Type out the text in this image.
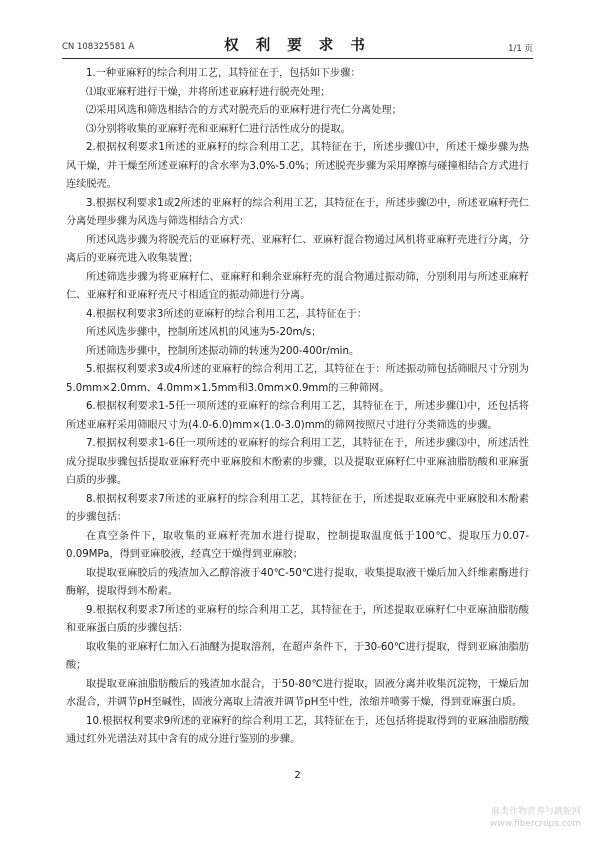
CN 108325581 A	权 利 要 求 书	1/1 页

1.一种亚麻籽的综合利用工艺，其特征在于，包括如下步骤：

⑴取亚麻籽进行干燥，并将所述亚麻籽进行脱壳处理；

⑵采用风选和筛选相结合的方式对脱壳后的亚麻籽进行壳仁分离处理；

⑶分别将收集的亚麻籽壳和亚麻籽仁进行活性成分的提取。

2.根据权利要求1所述的亚麻籽的综合利用工艺，其特征在于，所述步骤⑴中，所述干燥步骤为热风干燥，并干燥至所述亚麻籽的含水率为3.0%-5.0%；所述脱壳步骤为采用摩擦与碰撞相结合方式进行连续脱壳。

3.根据权利要求1或2所述的亚麻籽的综合利用工艺，其特征在于，所述步骤⑵中，所述亚麻籽壳仁分离处理步骤为风选与筛选相结合方式：

所述风选步骤为将脱壳后的亚麻籽壳、亚麻籽仁、亚麻籽混合物通过风机将亚麻籽壳进行分离，分离后的亚麻壳进入收集装置；

所述筛选步骤为将亚麻籽仁、亚麻籽和剩余亚麻籽壳的混合物通过振动筛，分别利用与所述亚麻籽仁、亚麻籽和亚麻籽壳尺寸相适宜的振动筛进行分离。

4.根据权利要求3所述的亚麻籽的综合利用工艺，其特征在于：

所述风选步骤中，控制所述风机的风速为5-20m/s；

所述筛选步骤中，控制所述振动筛的转速为200-400r/min。

5.根据权利要求3或4所述的亚麻籽的综合利用工艺，其特征在于：所述振动筛包括筛眼尺寸分别为5.0mm×2.0mm、4.0mm×1.5mm和3.0mm×0.9mm的三种筛网。

6.根据权利要求1-5任一项所述的亚麻籽的综合利用工艺，其特征在于，所述步骤⑴中，还包括将所述亚麻籽采用筛眼尺寸为(4.0-6.0)mm×(1.0-3.0)mm的筛网按照尺寸进行分类筛选的步骤。

7.根据权利要求1-6任一项所述的亚麻籽的综合利用工艺，其特征在于，所述步骤⑶中，所述活性成分提取步骤包括提取亚麻籽壳中亚麻胶和木酚素的步骤，以及提取亚麻籽仁中亚麻油脂肪酸和亚麻蛋白质的步骤。

8.根据权利要求7所述的亚麻籽的综合利用工艺，其特征在于，所述提取亚麻壳中亚麻胶和木酚素的步骤包括：

在真空条件下，取收集的亚麻籽壳加水进行提取，控制提取温度低于100℃、提取压力0.07-0.09MPa，得到亚麻胶液，经真空干燥得到亚麻胶；

取提取亚麻胶后的残渣加入乙醇溶液于40℃-50℃进行提取，收集提取液干燥后加入纤维素酶进行酶解，提取得到木酚素。

9.根据权利要求7所述的亚麻籽的综合利用工艺，其特征在于，所述提取亚麻籽仁中亚麻油脂肪酸和亚麻蛋白质的步骤包括：

取收集的亚麻籽仁加入石油醚为提取溶剂，在超声条件下，于30-60℃进行提取，得到亚麻油脂肪酸；

取提取亚麻油脂肪酸后的残渣加水混合，于50-80℃进行提取，固液分离并收集沉淀物，干燥后加水混合，并调节pH至碱性，固液分离取上清液并调节pH至中性，浓缩并喷雾干燥，得到亚麻蛋白质。

10.根据权利要求9所述的亚麻籽的综合利用工艺，其特征在于，还包括将提取得到的亚麻油脂肪酸通过红外光谱法对其中含有的成分进行鉴别的步骤。

2
麻类作物营养与跳舵网
www.fibercrops.com
